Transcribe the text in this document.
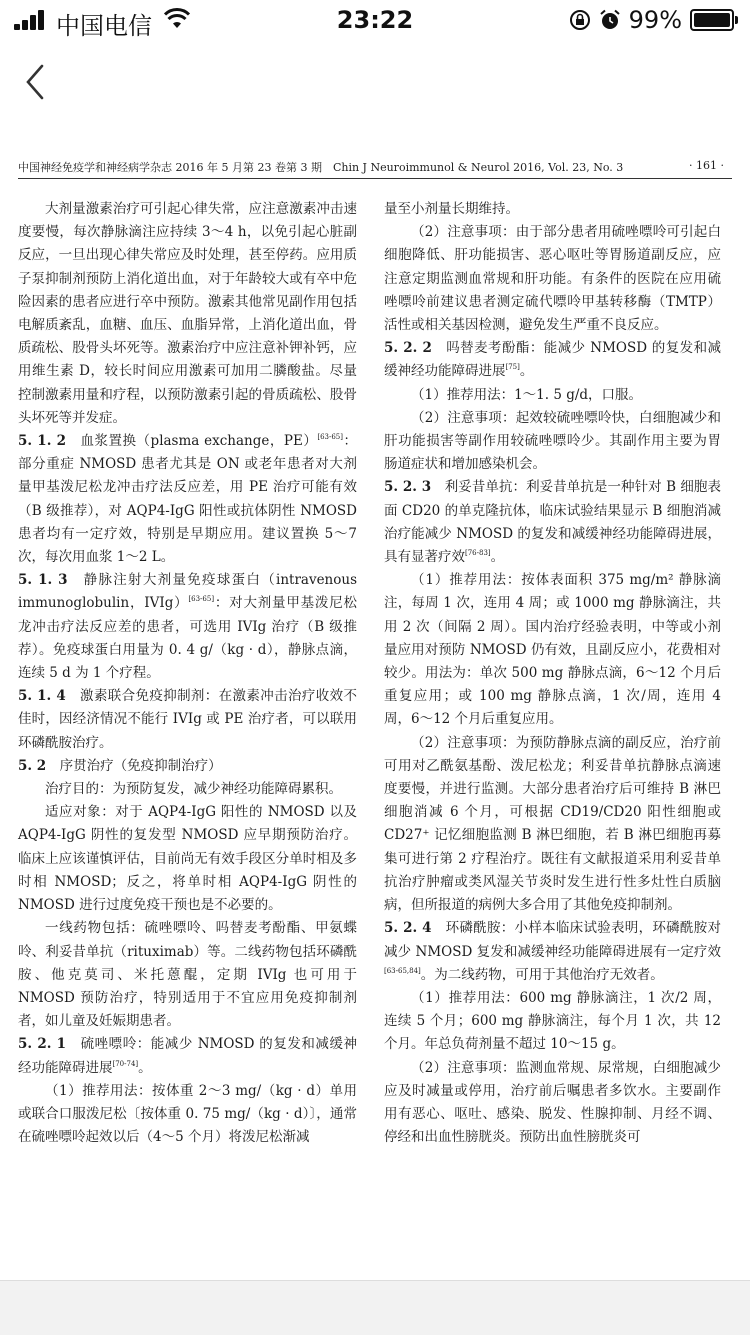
中国电信	23:22	99%
中国神经免疫学和神经病学杂志 2016 年 5 月第 23 卷第 3 期　Chin J Neuroimmunol & Neurol 2016, Vol. 23, No. 3	· 161 ·

大剂量激素治疗可引起心律失常，应注意激素冲击速度要慢，每次静脉滴注应持续 3～4 h，以免引起心脏副反应，一旦出现心律失常应及时处理，甚至停药。应用质子泵抑制剂预防上消化道出血，对于年龄较大或有卒中危险因素的患者应进行卒中预防。激素其他常见副作用包括电解质紊乱，血糖、血压、血脂异常，上消化道出血，骨质疏松、股骨头坏死等。激素治疗中应注意补钾补钙，应用维生素 D，较长时间应用激素可加用二膦酸盐。尽量控制激素用量和疗程，以预防激素引起的骨质疏松、股骨头坏死等并发症。

5. 1. 2　血浆置换（plasma exchange，PE）[63-65]：部分重症 NMOSD 患者尤其是 ON 或老年患者对大剂量甲基泼尼松龙冲击疗法反应差，用 PE 治疗可能有效（B 级推荐），对 AQP4-IgG 阳性或抗体阴性 NMOSD 患者均有一定疗效，特别是早期应用。建议置换 5～7 次，每次用血浆 1～2 L。

5. 1. 3　静脉注射大剂量免疫球蛋白（intravenous immunoglobulin，IVIg）[63-65]：对大剂量甲基泼尼松龙冲击疗法反应差的患者，可选用 IVIg 治疗（B 级推荐）。免疫球蛋白用量为 0. 4 g/（kg · d），静脉点滴，连续 5 d 为 1 个疗程。

5. 1. 4　激素联合免疫抑制剂：在激素冲击治疗收效不佳时，因经济情况不能行 IVIg 或 PE 治疗者，可以联用环磷酰胺治疗。

5. 2　序贯治疗（免疫抑制治疗）

治疗目的：为预防复发，减少神经功能障碍累积。

适应对象：对于 AQP4-IgG 阳性的 NMOSD 以及 AQP4-IgG 阴性的复发型 NMOSD 应早期预防治疗。临床上应该谨慎评估，目前尚无有效手段区分单时相及多时相 NMOSD；反之，将单时相 AQP4-IgG 阴性的 NMOSD 进行过度免疫干预也是不必要的。

一线药物包括：硫唑嘌呤、吗替麦考酚酯、甲氨蝶呤、利妥昔单抗（rituximab）等。二线药物包括环磷酰胺、他克莫司、米托蒽醌，定期 IVIg 也可用于 NMOSD 预防治疗，特别适用于不宜应用免疫抑制剂者，如儿童及妊娠期患者。

5. 2. 1　硫唑嘌呤：能减少 NMOSD 的复发和减缓神经功能障碍进展[70-74]。

（1）推荐用法：按体重 2～3 mg/（kg · d）单用或联合口服泼尼松〔按体重 0. 75 mg/（kg · d）〕，通常在硫唑嘌呤起效以后（4～5 个月）将泼尼松渐减

量至小剂量长期维持。

（2）注意事项：由于部分患者用硫唑嘌呤可引起白细胞降低、肝功能损害、恶心呕吐等胃肠道副反应，应注意定期监测血常规和肝功能。有条件的医院在应用硫唑嘌呤前建议患者测定硫代嘌呤甲基转移酶（TMTP）活性或相关基因检测，避免发生严重不良反应。

5. 2. 2　吗替麦考酚酯：能减少 NMOSD 的复发和减缓神经功能障碍进展[75]。

（1）推荐用法：1～1. 5 g/d，口服。

（2）注意事项：起效较硫唑嘌呤快，白细胞减少和肝功能损害等副作用较硫唑嘌呤少。其副作用主要为胃肠道症状和增加感染机会。

5. 2. 3　利妥昔单抗：利妥昔单抗是一种针对 B 细胞表面 CD20 的单克隆抗体，临床试验结果显示 B 细胞消减治疗能减少 NMOSD 的复发和减缓神经功能障碍进展，具有显著疗效[76-83]。

（1）推荐用法：按体表面积 375 mg/m² 静脉滴注，每周 1 次，连用 4 周；或 1000 mg 静脉滴注，共用 2 次（间隔 2 周）。国内治疗经验表明，中等或小剂量应用对预防 NMOSD 仍有效，且副反应小，花费相对较少。用法为：单次 500 mg 静脉点滴，6～12 个月后重复应用；或 100 mg 静脉点滴，1 次/周，连用 4 周，6～12 个月后重复应用。

（2）注意事项：为预防静脉点滴的副反应，治疗前可用对乙酰氨基酚、泼尼松龙；利妥昔单抗静脉点滴速度要慢，并进行监测。大部分患者治疗后可维持 B 淋巴细胞消减 6 个月，可根据 CD19/CD20 阳性细胞或 CD27⁺ 记忆细胞监测 B 淋巴细胞，若 B 淋巴细胞再募集可进行第 2 疗程治疗。既往有文献报道采用利妥昔单抗治疗肿瘤或类风湿关节炎时发生进行性多灶性白质脑病，但所报道的病例大多合用了其他免疫抑制剂。

5. 2. 4　环磷酰胺：小样本临床试验表明，环磷酰胺对减少 NMOSD 复发和减缓神经功能障碍进展有一定疗效[63-65,84]。为二线药物，可用于其他治疗无效者。

（1）推荐用法：600 mg 静脉滴注，1 次/2 周，连续 5 个月；600 mg 静脉滴注，每个月 1 次，共 12 个月。年总负荷剂量不超过 10～15 g。

（2）注意事项：监测血常规、尿常规，白细胞减少应及时减量或停用，治疗前后嘱患者多饮水。主要副作用有恶心、呕吐、感染、脱发、性腺抑制、月经不调、停经和出血性膀胱炎。预防出血性膀胱炎可
